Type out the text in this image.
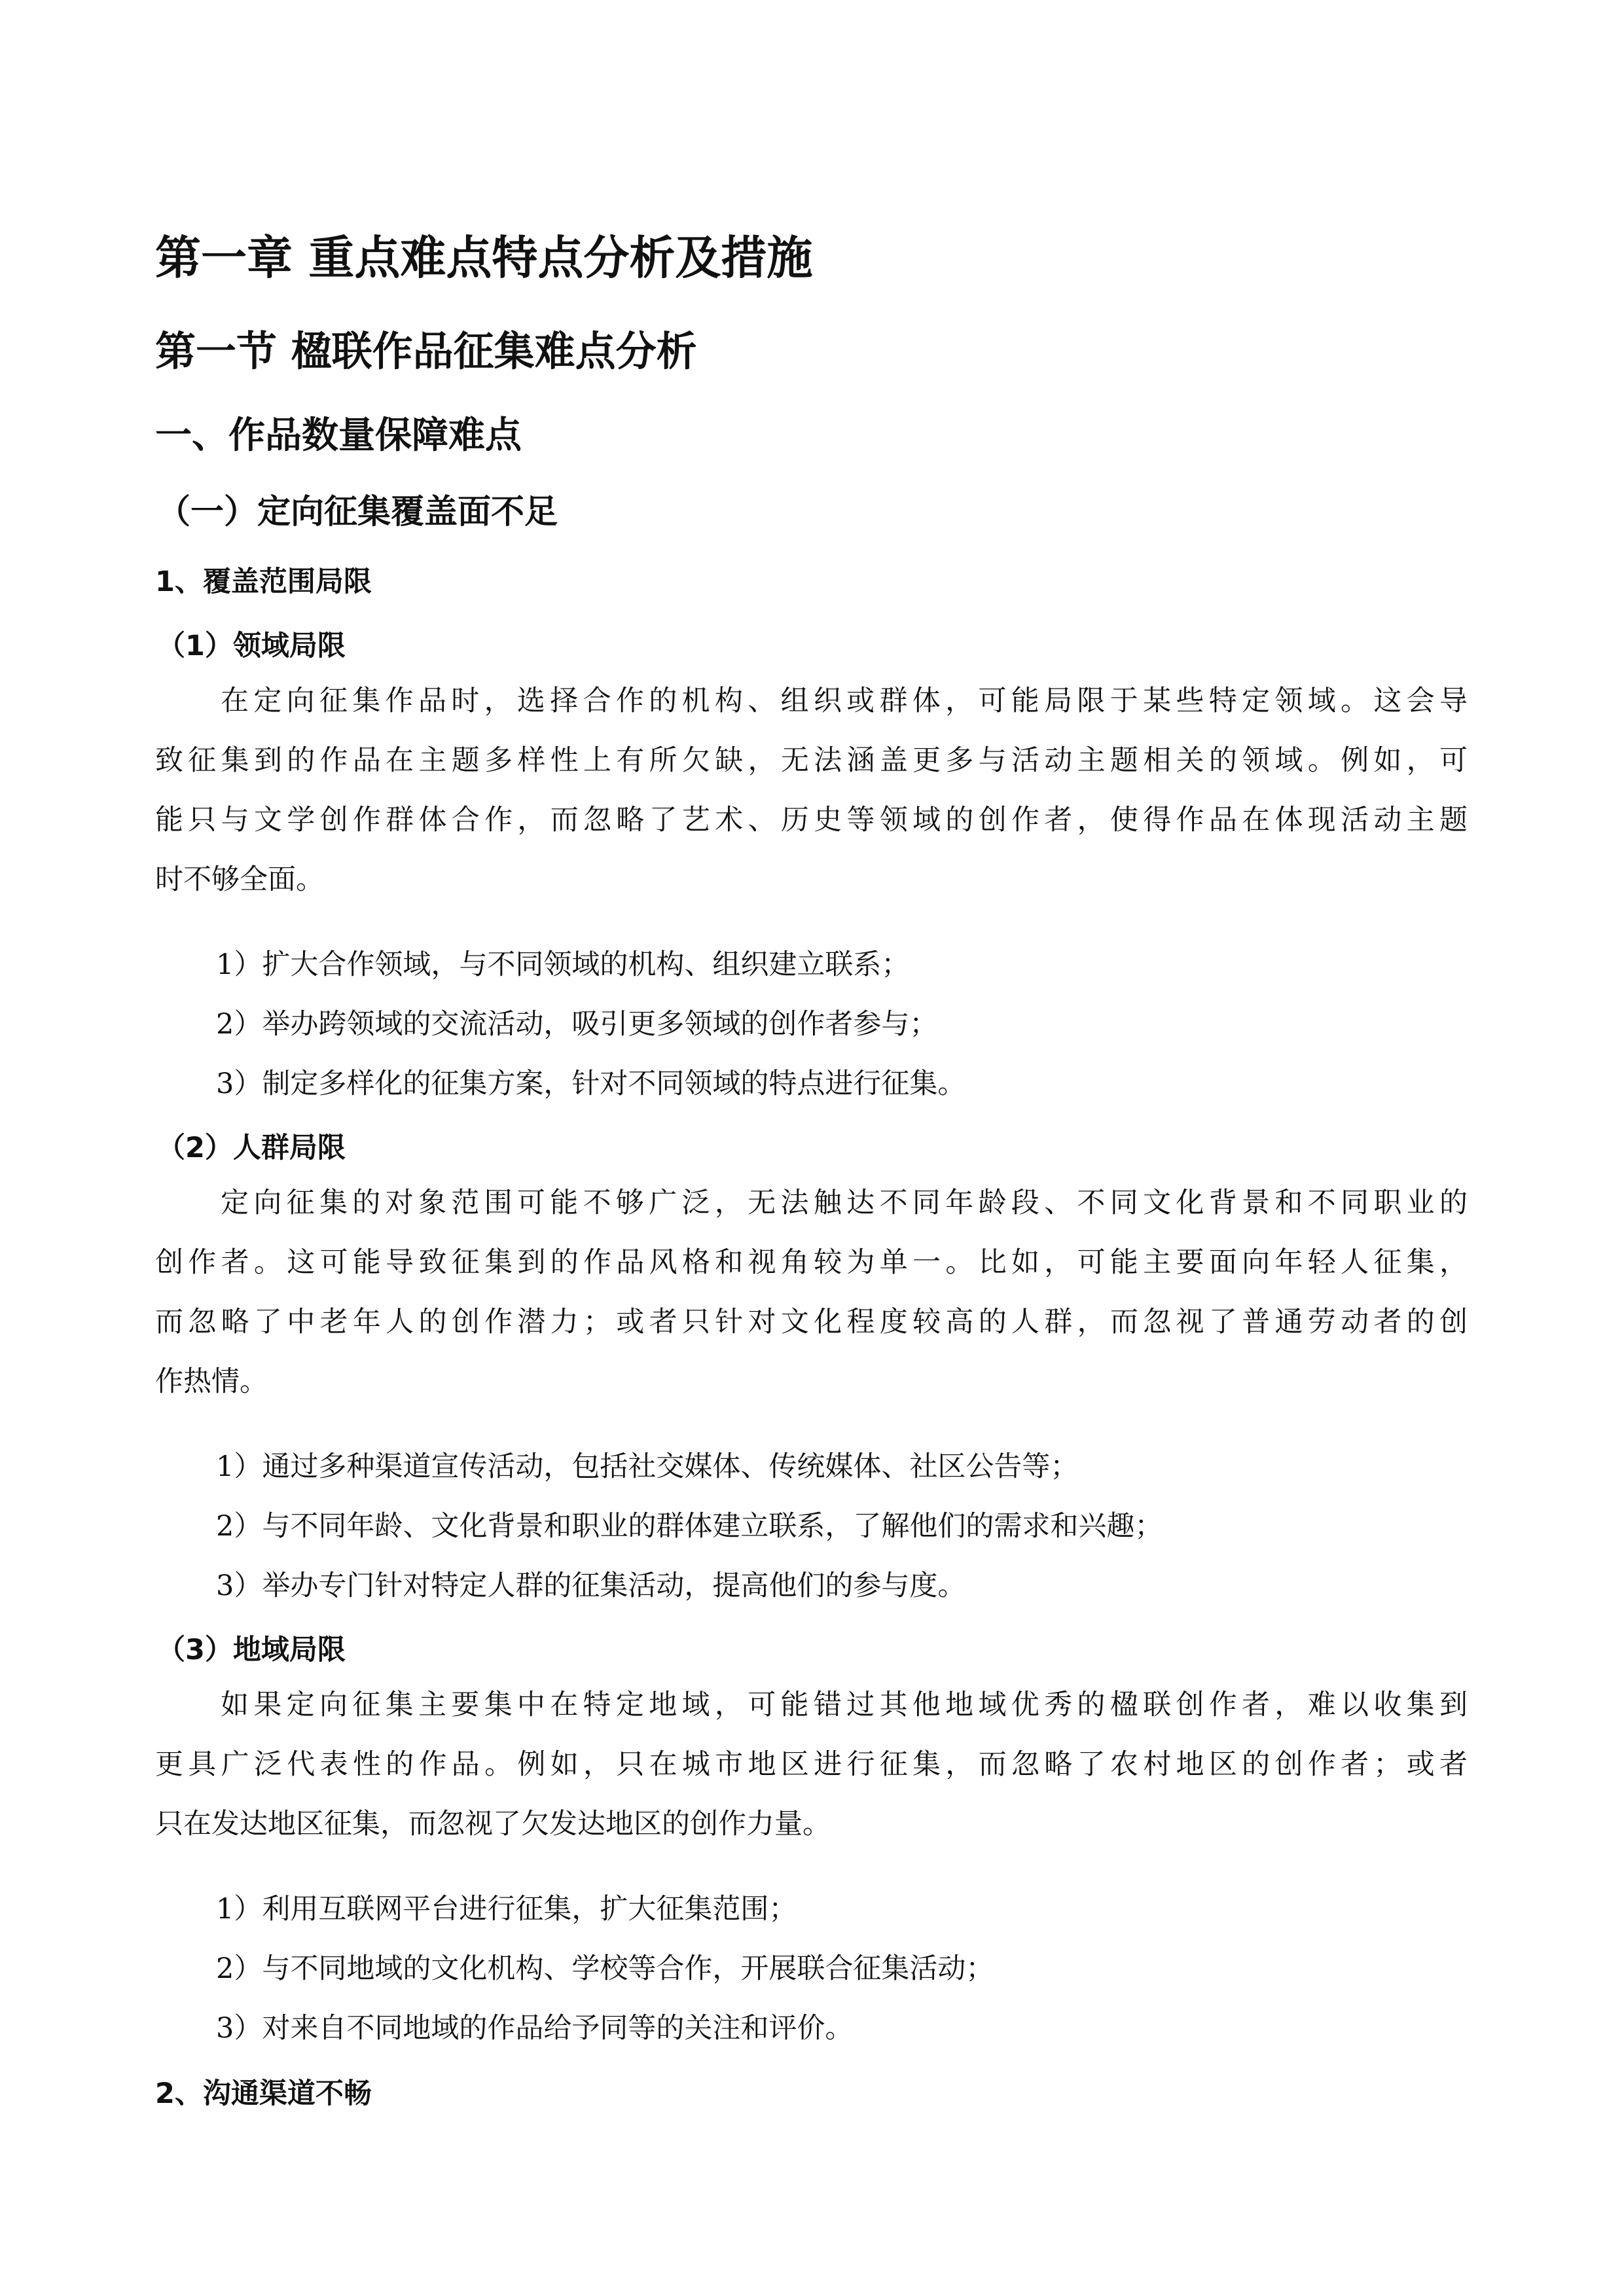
第一章 重点难点特点分析及措施
第一节 楹联作品征集难点分析
一、作品数量保障难点
（一）定向征集覆盖面不足
1、覆盖范围局限
（1）领域局限
在定向征集作品时，选择合作的机构、组织或群体，可能局限于某些特定领域。这会导
致征集到的作品在主题多样性上有所欠缺，无法涵盖更多与活动主题相关的领域。例如，可
能只与文学创作群体合作，而忽略了艺术、历史等领域的创作者，使得作品在体现活动主题
时不够全面。
1）扩大合作领域，与不同领域的机构、组织建立联系；
2）举办跨领域的交流活动，吸引更多领域的创作者参与；
3）制定多样化的征集方案，针对不同领域的特点进行征集。
（2）人群局限
定向征集的对象范围可能不够广泛，无法触达不同年龄段、不同文化背景和不同职业的
创作者。这可能导致征集到的作品风格和视角较为单一。比如，可能主要面向年轻人征集，
而忽略了中老年人的创作潜力；或者只针对文化程度较高的人群，而忽视了普通劳动者的创
作热情。
1）通过多种渠道宣传活动，包括社交媒体、传统媒体、社区公告等；
2）与不同年龄、文化背景和职业的群体建立联系，了解他们的需求和兴趣；
3）举办专门针对特定人群的征集活动，提高他们的参与度。
（3）地域局限
如果定向征集主要集中在特定地域，可能错过其他地域优秀的楹联创作者，难以收集到
更具广泛代表性的作品。例如，只在城市地区进行征集，而忽略了农村地区的创作者；或者
只在发达地区征集，而忽视了欠发达地区的创作力量。
1）利用互联网平台进行征集，扩大征集范围；
2）与不同地域的文化机构、学校等合作，开展联合征集活动；
3）对来自不同地域的作品给予同等的关注和评价。
2、沟通渠道不畅
